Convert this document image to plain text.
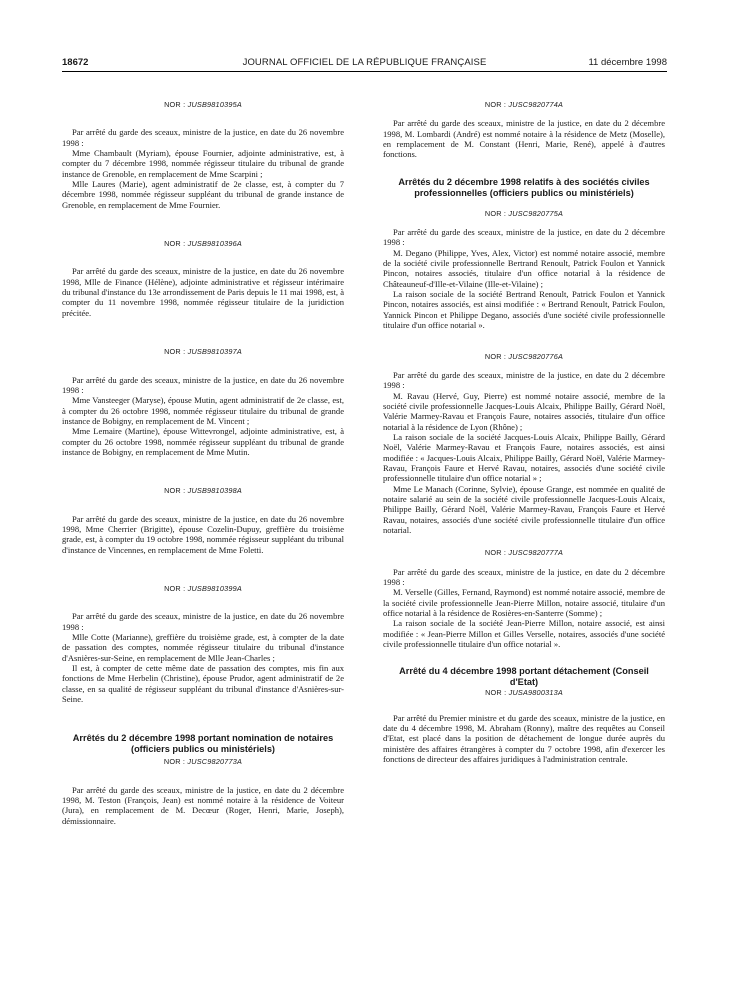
18672	JOURNAL OFFICIEL DE LA RÉPUBLIQUE FRANÇAISE	11 décembre 1998
NOR : JUSB9810395A

Par arrêté du garde des sceaux, ministre de la justice, en date du 26 novembre 1998 :

Mme Chambault (Myriam), épouse Fournier, adjointe administrative, est, à compter du 7 décembre 1998, nommée régisseur titulaire du tribunal de grande instance de Grenoble, en remplacement de Mme Scarpini ;

Mlle Laures (Marie), agent administratif de 2e classe, est, à compter du 7 décembre 1998, nommée régisseur suppléant du tribunal de grande instance de Grenoble, en remplacement de Mme Fournier.

NOR : JUSB9810396A

Par arrêté du garde des sceaux, ministre de la justice, en date du 26 novembre 1998, Mlle de Finance (Hélène), adjointe administrative et régisseur intérimaire du tribunal d'instance du 13e arrondissement de Paris depuis le 11 mai 1998, est, à compter du 11 novembre 1998, nommée régisseur titulaire de la juridiction précitée.

NOR : JUSB9810397A

Par arrêté du garde des sceaux, ministre de la justice, en date du 26 novembre 1998 :

Mme Vansteeger (Maryse), épouse Mutin, agent administratif de 2e classe, est, à compter du 26 octobre 1998, nommée régisseur titulaire du tribunal de grande instance de Bobigny, en remplacement de M. Vincent ;

Mme Lemaire (Martine), épouse Wittevrongel, adjointe administrative, est, à compter du 26 octobre 1998, nommée régisseur suppléant du tribunal de grande instance de Bobigny, en remplacement de Mme Mutin.

NOR : JUSB9810398A

Par arrêté du garde des sceaux, ministre de la justice, en date du 26 novembre 1998, Mme Cherrier (Brigitte), épouse Cozelin-Dupuy, greffière du troisième grade, est, à compter du 19 octobre 1998, nommée régisseur suppléant du tribunal d'instance de Vincennes, en remplacement de Mme Foletti.

NOR : JUSB9810399A

Par arrêté du garde des sceaux, ministre de la justice, en date du 26 novembre 1998 :

Mlle Cotte (Marianne), greffière du troisième grade, est, à compter de la date de passation des comptes, nommée régisseur titulaire du tribunal d'instance d'Asnières-sur-Seine, en remplacement de Mlle Jean-Charles ;

Il est, à compter de cette même date de passation des comptes, mis fin aux fonctions de Mme Herbelin (Christine), épouse Prudor, agent administratif de 2e classe, en sa qualité de régisseur suppléant du tribunal d'instance d'Asnières-sur-Seine.

Arrêtés du 2 décembre 1998 portant nomination de notaires (officiers publics ou ministériels)
NOR : JUSC9820773A

Par arrêté du garde des sceaux, ministre de la justice, en date du 2 décembre 1998, M. Teston (François, Jean) est nommé notaire à la résidence de Voiteur (Jura), en remplacement de M. Decœur (Roger, Henri, Marie, Joseph), démissionnaire.

NOR : JUSC9820774A

Par arrêté du garde des sceaux, ministre de la justice, en date du 2 décembre 1998, M. Lombardi (André) est nommé notaire à la résidence de Metz (Moselle), en remplacement de M. Constant (Henri, Marie, René), appelé à d'autres fonctions.

Arrêtés du 2 décembre 1998 relatifs à des sociétés civiles professionnelles (officiers publics ou ministériels)
NOR : JUSC9820775A

Par arrêté du garde des sceaux, ministre de la justice, en date du 2 décembre 1998 :

M. Degano (Philippe, Yves, Alex, Victor) est nommé notaire associé, membre de la société civile professionnelle Bertrand Renoult, Patrick Foulon et Yannick Pincon, notaires associés, titulaire d'un office notarial à la résidence de Châteauneuf-d'Ille-et-Vilaine (Ille-et-Vilaine) ;

La raison sociale de la société Bertrand Renoult, Patrick Foulon et Yannick Pincon, notaires associés, est ainsi modifiée : « Bertrand Renoult, Patrick Foulon, Yannick Pincon et Philippe Degano, associés d'une société civile professionnelle titulaire d'un office notarial ».

NOR : JUSC9820776A

Par arrêté du garde des sceaux, ministre de la justice, en date du 2 décembre 1998 :

M. Ravau (Hervé, Guy, Pierre) est nommé notaire associé, membre de la société civile professionnelle Jacques-Louis Alcaix, Philippe Bailly, Gérard Noël, Valérie Marmey-Ravau et François Faure, notaires associés, titulaire d'un office notarial à la résidence de Lyon (Rhône) ;

La raison sociale de la société Jacques-Louis Alcaix, Philippe Bailly, Gérard Noël, Valérie Marmey-Ravau et François Faure, notaires associés, est ainsi modifiée : « Jacques-Louis Alcaix, Philippe Bailly, Gérard Noël, Valérie Marmey-Ravau, François Faure et Hervé Ravau, notaires, associés d'une société civile professionnelle titulaire d'un office notarial » ;

Mme Le Manach (Corinne, Sylvie), épouse Grange, est nommée en qualité de notaire salarié au sein de la société civile professionnelle Jacques-Louis Alcaix, Philippe Bailly, Gérard Noël, Valérie Marmey-Ravau, François Faure et Hervé Ravau, notaires, associés d'une société civile professionnelle titulaire d'un office notarial.

NOR : JUSC9820777A

Par arrêté du garde des sceaux, ministre de la justice, en date du 2 décembre 1998 :

M. Verselle (Gilles, Fernand, Raymond) est nommé notaire associé, membre de la société civile professionnelle Jean-Pierre Millon, notaire associé, titulaire d'un office notarial à la résidence de Rosières-en-Santerre (Somme) ;

La raison sociale de la société Jean-Pierre Millon, notaire associé, est ainsi modifiée : « Jean-Pierre Millon et Gilles Verselle, notaires, associés d'une société civile professionnelle titulaire d'un office notarial ».

Arrêté du 4 décembre 1998 portant détachement (Conseil d'Etat)
NOR : JUSA9800313A

Par arrêté du Premier ministre et du garde des sceaux, ministre de la justice, en date du 4 décembre 1998, M. Abraham (Ronny), maître des requêtes au Conseil d'Etat, est placé dans la position de détachement de longue durée auprès du ministère des affaires étrangères à compter du 7 octobre 1998, afin d'exercer les fonctions de directeur des affaires juridiques à l'administration centrale.
